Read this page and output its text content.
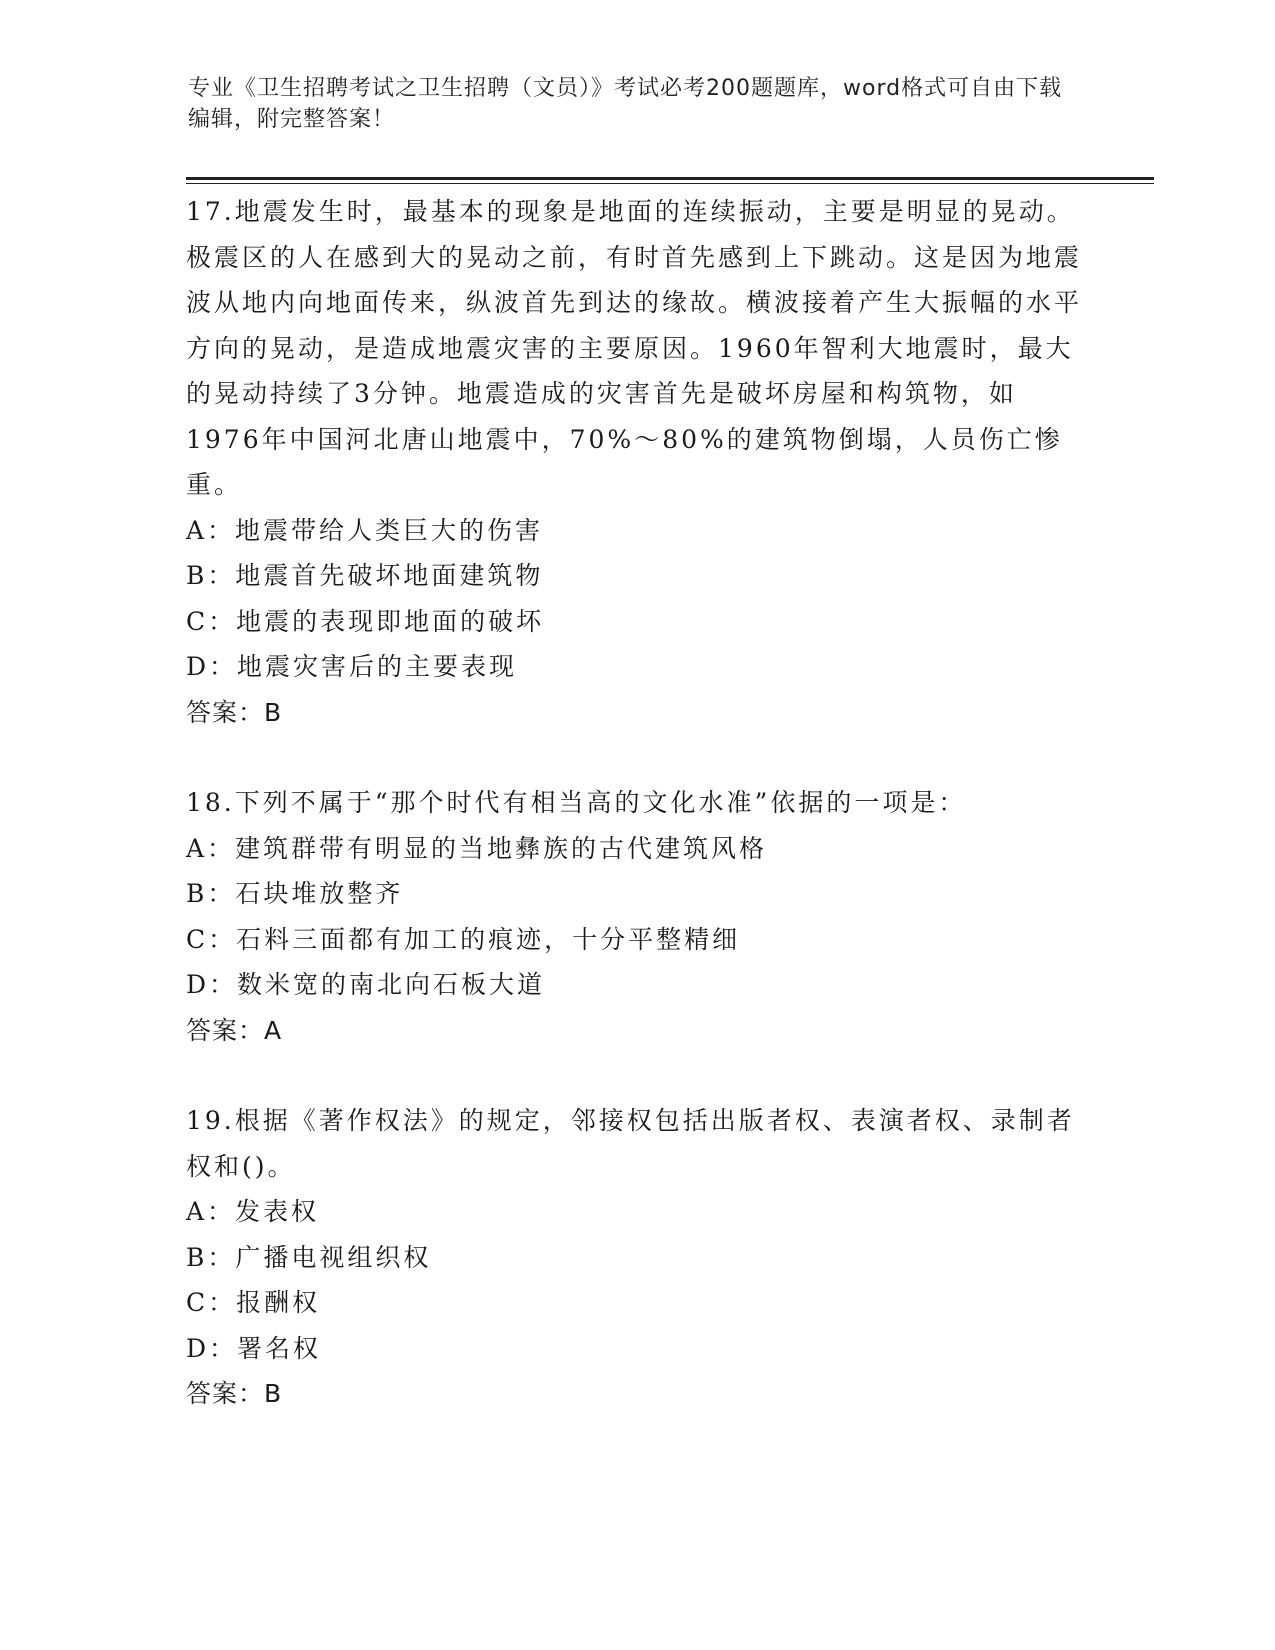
专业《卫生招聘考试之卫生招聘（文员）》考试必考200题题库，word格式可自由下载编辑，附完整答案！

17.地震发生时，最基本的现象是地面的连续振动，主要是明显的晃动。极震区的人在感到大的晃动之前，有时首先感到上下跳动。这是因为地震波从地内向地面传来，纵波首先到达的缘故。横波接着产生大振幅的水平方向的晃动，是造成地震灾害的主要原因。1960年智利大地震时，最大的晃动持续了3分钟。地震造成的灾害首先是破坏房屋和构筑物，如1976年中国河北唐山地震中，70%～80%的建筑物倒塌，人员伤亡惨重。

A：地震带给人类巨大的伤害

B：地震首先破坏地面建筑物

C：地震的表现即地面的破坏

D：地震灾害后的主要表现

答案：B

18.下列不属于“那个时代有相当高的文化水准”依据的一项是：

A：建筑群带有明显的当地彝族的古代建筑风格

B：石块堆放整齐

C：石料三面都有加工的痕迹，十分平整精细

D：数米宽的南北向石板大道

答案：A

19.根据《著作权法》的规定，邻接权包括出版者权、表演者权、录制者权和()。

A：发表权

B：广播电视组织权

C：报酬权

D：署名权

答案：B
